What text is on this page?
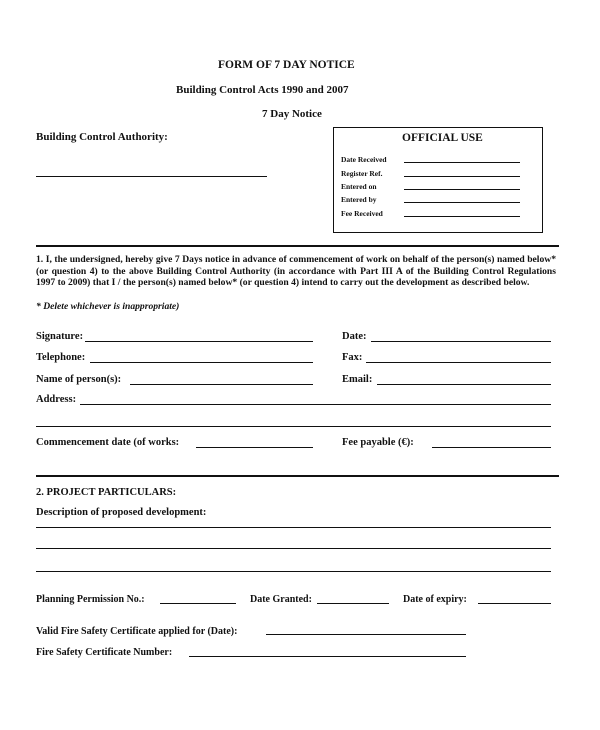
FORM OF 7 DAY NOTICE
Building Control Acts 1990 and 2007
7 Day Notice
Building Control Authority:	OFFICIAL USE
Date Received
Register Ref.
Entered on
Entered by
Fee Received

1. I, the undersigned, hereby give 7 Days notice in advance of commencement of work on behalf of the person(s) named below* (or question 4) to the above Building Control Authority (in accordance with Part III A of the Building Control Regulations 1997 to 2009) that I / the person(s) named below* (or question 4) intend to carry out the development as described below.

* Delete whichever is inappropriate)
Signature:	Date:
Telephone:	Fax:
Name of person(s):	Email:
Address:
Commencement date (of works:	Fee payable (€):
2. PROJECT PARTICULARS:
Description of proposed development:
Planning Permission No.:	Date Granted:	Date of expiry:
Valid Fire Safety Certificate applied for (Date):
Fire Safety Certificate Number:
